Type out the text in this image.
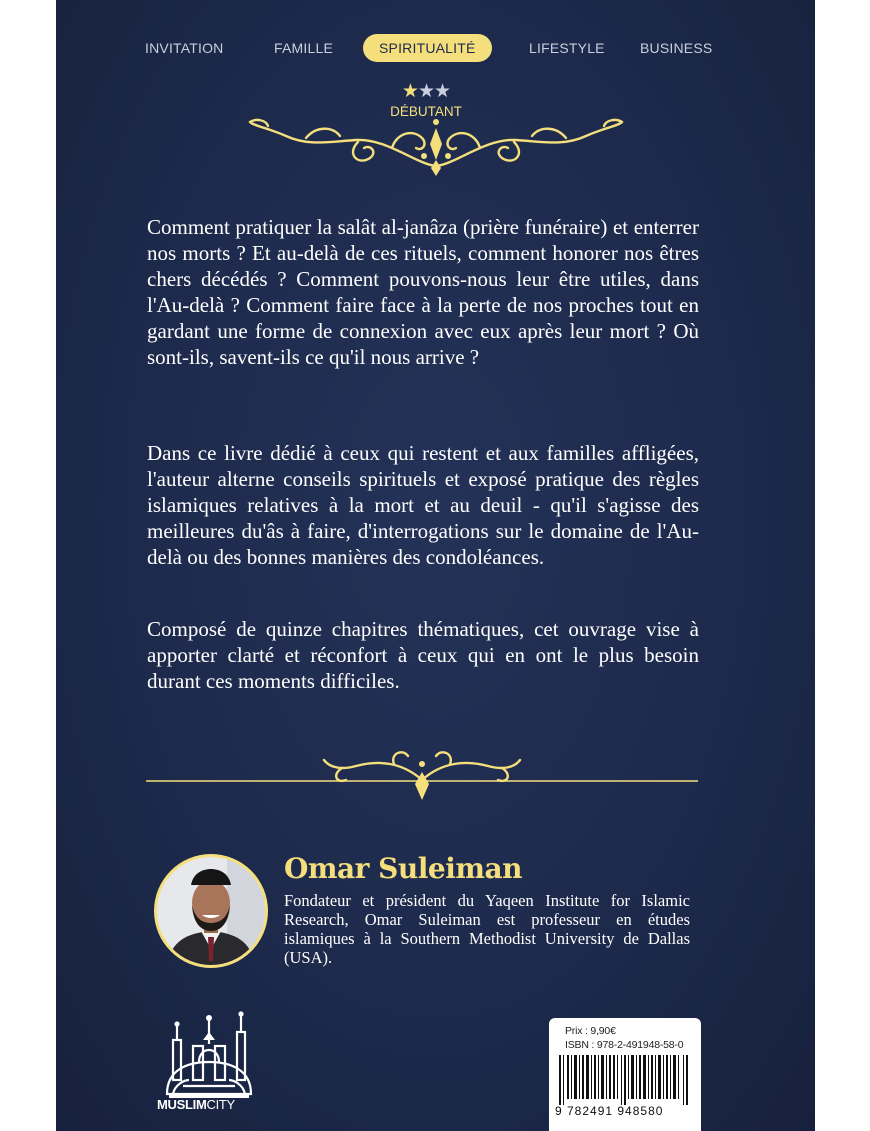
INVITATION	FAMILLE	SPIRITUALITÉ	LIFESTYLE	BUSINESS
★★★
DÉBUTANT

Comment pratiquer la salât al-janâza (prière funéraire) et enterrer nos morts ? Et au-delà de ces rituels, comment honorer nos êtres chers décédés ? Comment pouvons-nous leur être utiles, dans l'Au-delà ? Comment faire face à la perte de nos proches tout en gardant une forme de connexion avec eux après leur mort ? Où sont-ils, savent-ils ce qu'il nous arrive ?

Dans ce livre dédié à ceux qui restent et aux familles affligées, l'auteur alterne conseils spirituels et exposé pratique des règles islamiques relatives à la mort et au deuil - qu'il s'agisse des meilleures du'âs à faire, d'interrogations sur le domaine de l'Au-delà ou des bonnes manières des condoléances.

Composé de quinze chapitres thématiques, cet ouvrage vise à apporter clarté et réconfort à ceux qui en ont le plus besoin durant ces moments difficiles.

Omar Suleiman

Fondateur et président du Yaqeen Institute for Islamic Research, Omar Suleiman est professeur en études islamiques à la Southern Methodist University de Dallas (USA).

MUSLIMCITY
Prix : 9,90€
ISBN : 978-2-491948-58-0
9 782491 948580
